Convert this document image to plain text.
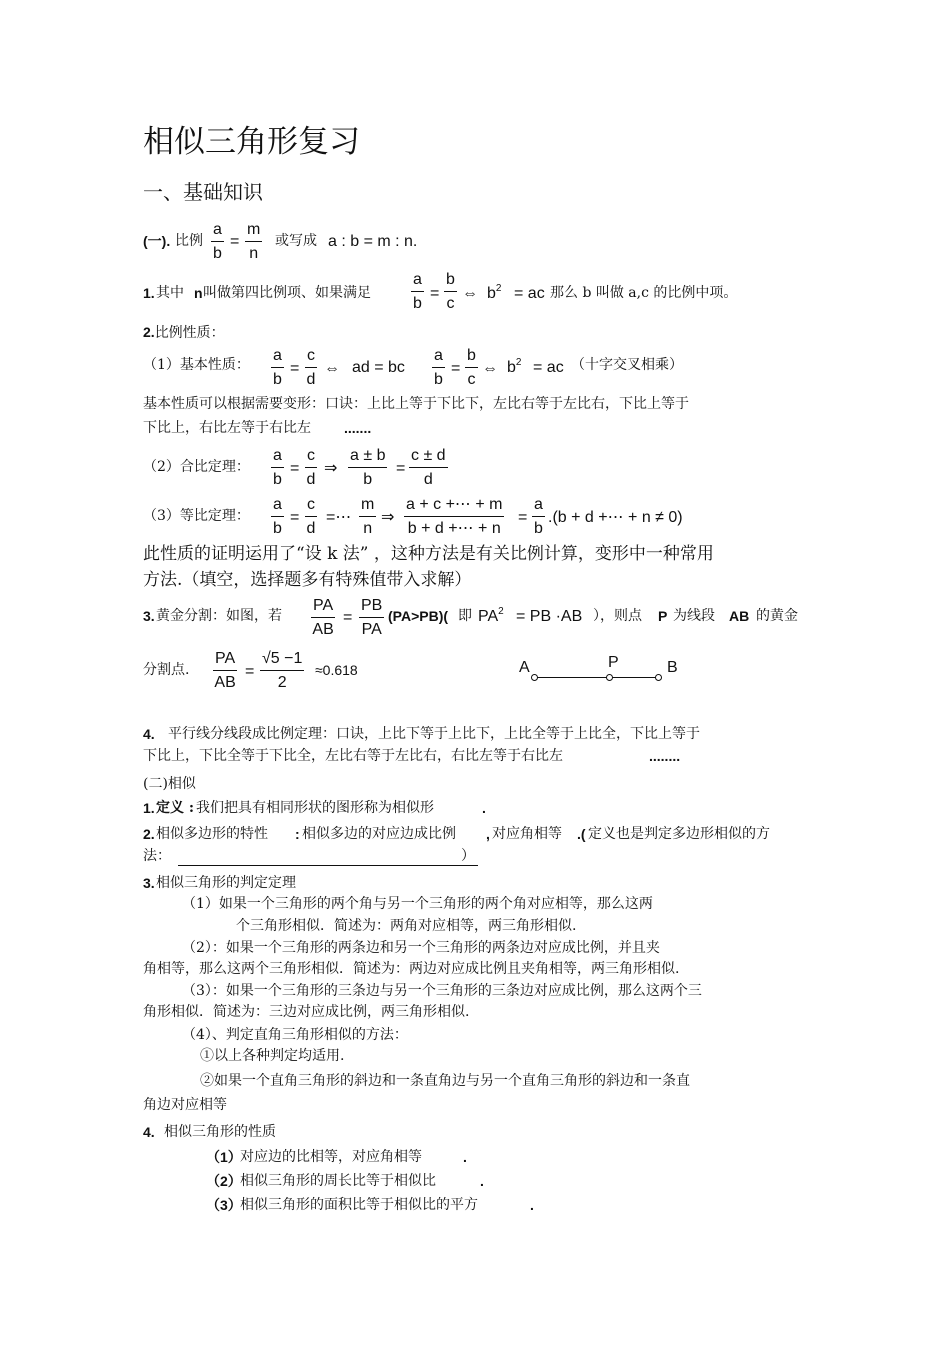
相似三角形复习
一、基础知识
(一). 比例 $\frac{a}{b} = \frac{m}{n}$ 或写成 a : b = m : n.
1. 其中 n 叫做第四比例项、如果满足	$\frac{a}{b} = \frac{b}{c}$ ⇔ $b^2$ = ac 那么 b 叫做 a,c 的比例中项。
2.比例性质：
（1）基本性质： $\frac{a}{b} = \frac{c}{d}$ ⇔ ad = bc $\frac{a}{b} = \frac{b}{c}$ ⇔ $b^2$ = ac （十字交叉相乘）
基本性质可以根据需要变形：口诀：上比上等于下比下，左比右等于左比右，下比上等于
下比上，右比左等于右比左 .......
（2）合比定理： $\frac{a}{b} = \frac{c}{d}$ ⇒ $\frac{a \pm b}{b} = \frac{c \pm d}{d}$
（3）等比定理： $\frac{a}{b} = \frac{c}{d}$ =⋯ $\frac{m}{n}$ ⇒ $\frac{a + c +\cdots + m}{b + d +\cdots + n} = \frac{a}{b} .(b + d$ +⋯ + n ≠ 0)
此性质的证明运用了“设 k 法” ，这种方法是有关比例计算，变形中一种常用
方法.（填空，选择题多有特殊值带入求解）
3. 黄金分割：如图，若 $\frac{PA}{AB} = \frac{PB}{PA} (PA>PB)$( 即 $PA^2$ = PB ·AB ），则点 P 为线段 AB 的黄金
分割点. $\frac{PA}{AB} = \frac{√5 -1}{2} \approx 0.618$	A	P	B
4. 平行线分线段成比例定理：口诀，上比下等于上比下，上比全等于上比全，下比上等于
下比上，下比全等于下比全，左比右等于左比右，右比左等于右比左	........
(二)相似
1. 定义 : 我们把具有相同形状的图形称为相似形	.
2. 相似多边形的特性 : 相似多边的对应边成比例 , 对应角相等 .( 定义也是判定多边形相似的方
法：	）
3. 相似三角形的判定定理
（1）如果一个三角形的两个角与另一个三角形的两个角对应相等，那么这两
个三角形相似．简述为：两角对应相等，两三角形相似.
（2）：如果一个三角形的两条边和另一个三角形的两条边对应成比例，并且夹
角相等，那么这两个三角形相似．简述为：两边对应成比例且夹角相等，两三角形相似.
（3）：如果一个三角形的三条边与另一个三角形的三条边对应成比例，那么这两个三
角形相似．简述为：三边对应成比例，两三角形相似.
（4）、判定直角三角形相似的方法：
①以上各种判定均适用.
②如果一个直角三角形的斜边和一条直角边与另一个直角三角形的斜边和一条直
角边对应相等
4. 相似三角形的性质
（1）
对应边的比相等，对应角相等	.
（2）
相似三角形的周长比等于相似比	.
（3）
相似三角形的面积比等于相似比的平方	.
